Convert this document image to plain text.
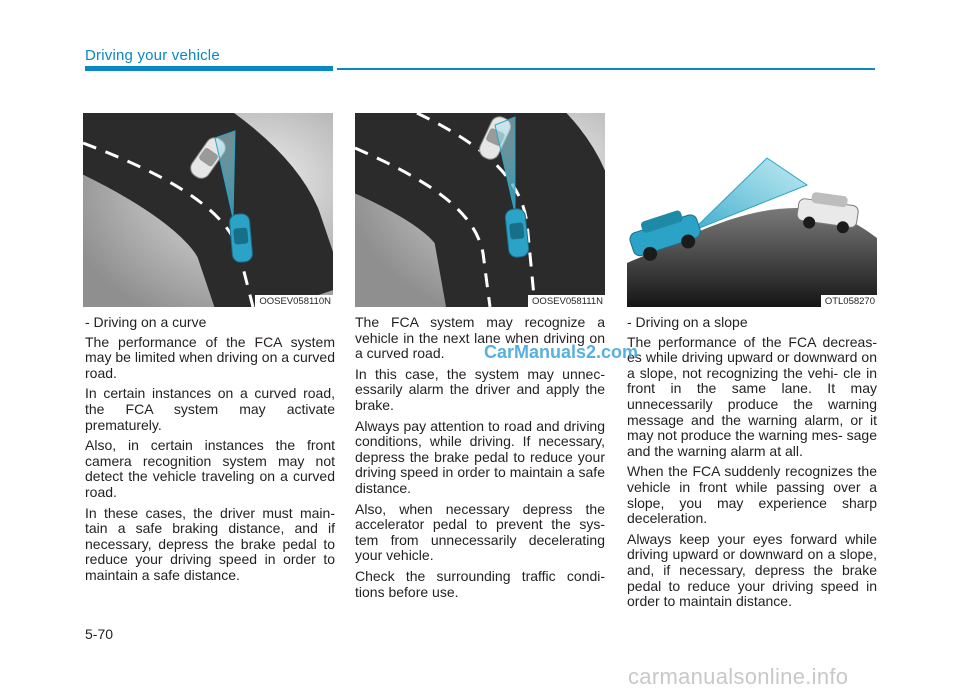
Driving your vehicle
OOSEV058110N	OOSEV058111N	OTL058270

- Driving on a curve

The performance of the FCA system may be limited when driving on a curved road.

In certain instances on a curved road, the FCA system may activate prematurely.

Also, in certain instances the front camera recognition system may not detect the vehicle traveling on a curved road.

In these cases, the driver must main- tain a safe braking distance, and if necessary, depress the brake pedal to reduce your driving speed in order to maintain a safe distance.

The FCA system may recognize a vehicle in the next lane when driving on a curved road.

In this case, the system may unnec- essarily alarm the driver and apply the brake.

Always pay attention to road and driving conditions, while driving. If necessary, depress the brake pedal to reduce your driving speed in order to maintain a safe distance.

Also, when necessary depress the accelerator pedal to prevent the sys- tem from unnecessarily decelerating your vehicle.

Check the surrounding traffic condi- tions before use.

- Driving on a slope

The performance of the FCA decreas- es while driving upward or downward on a slope, not recognizing the vehi- cle in front in the same lane. It may unnecessarily produce the warning message and the warning alarm, or it may not produce the warning mes- sage and the warning alarm at all.

When the FCA suddenly recognizes the vehicle in front while passing over a slope, you may experience sharp deceleration.

Always keep your eyes forward while driving upward or downward on a slope, and, if necessary, depress the brake pedal to reduce your driving speed in order to maintain distance.

CarManuals2.com
5-70
carmanualsonline.info
